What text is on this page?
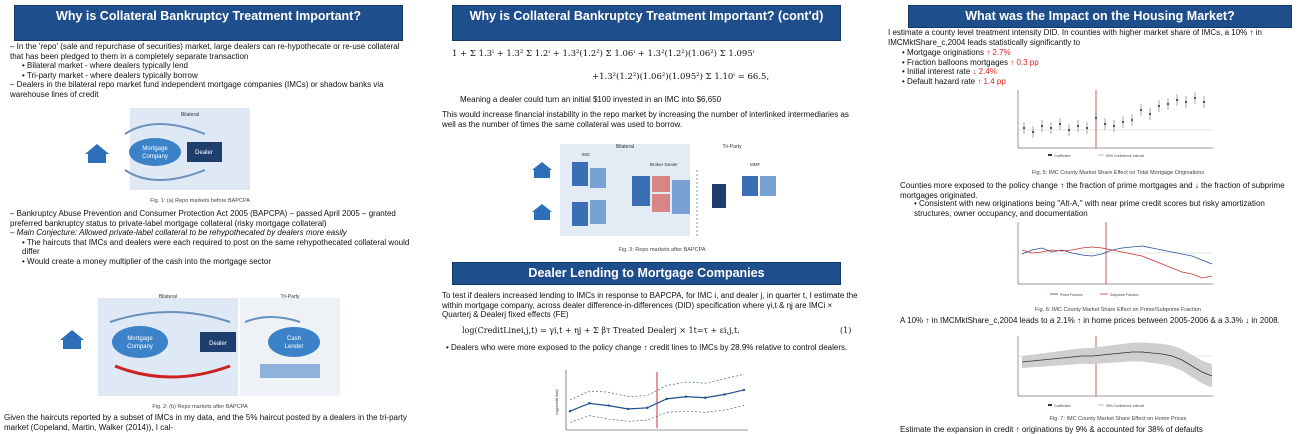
Why is Collateral Bankruptcy Treatment Important?
– In the 'repo' (sale and repurchase of securities) market, large dealers can re-hypothecate or re-use collateral that has been pledged to them in a completely separate transaction
• Bilateral market - where dealers typically lend
• Tri-party market - where dealers typically borrow
– Dealers in the bilateral repo market fund independent mortgage companies (IMCs) or shadow banks via warehouse lines of credit
Bilateral
Mortgage
Company
Dealer
Fig. 1: (a) Repo markets before BAPCPA
– Bankruptcy Abuse Prevention and Consumer Protection Act 2005 (BAPCPA) – passed April 2005 – granted preferred bankruptcy status to private-label mortgage collateral (risky mortgage collateral)
– Main Conjecture: Allowed private-label collateral to be rehypothecated by dealers more easily
• The haircuts that IMCs and dealers were each required to post on the same rehypothecated collateral would differ
• Would create a money multiplier of the cash into the mortgage sector
Bilateral	Tri-Party
Mortgage
Company	Dealer
Cash
Lender
Fig. 2: (b) Repo markets after BAPCPA
Given the haircuts reported by a subset of IMCs in my data, and the 5% haircut posted by a dealers in the tri-party market (Copeland, Martin, Walker (2014)), I cal-
Why is Collateral Bankruptcy Treatment Important? (cont'd)
1 + Σ 1.3ⁱ + 1.3² Σ 1.2ⁱ + 1.3²(1.2²) Σ 1.06ⁱ + 1.3²(1.2²)(1.06²) Σ 1.095ⁱ
+1.3²(1.2²)(1.06²)(1.095²) Σ 1.10ⁱ = 66.5,
Meaning a dealer could turn an initial $100 invested in an IMC into $6,650
This would increase financial instability in the repo market by increasing the number of interlinked intermediaries as well as the number of times the same collateral was used to borrow.
Bilateral	Tri-Party
IMC
Broker Dealer	MMF
Fig. 3: Repo markets after BAPCPA
Dealer Lending to Mortgage Companies
To test if dealers increased lending to IMCs in response to BAPCPA, for IMC i, and dealer j, in quarter t, I estimate the within mortgage company, across dealer difference-in-differences (DID) specification where γi,t & ηj are IMCi × Quarterj & Dealerj fixed effects (FE)
log(CreditLinei,j,t) = γi,t + ηj + Σ βτ Treated Dealerj × 1t=τ + εi,j,t.	(1)
• Dealers who were more exposed to the policy change ↑ credit lines to IMCs by 28.9% relative to control dealers.
log(credit line)
What was the Impact on the Housing Market?
I estimate a county level treatment intensity DID. In counties with higher market share of IMCs, a 10% ↑ in IMCMktShare_c,2004 leads statistically significantly to
• Mortgage originations ↑ 2.7%
• Fraction balloons mortgages ↑ 0.3 pp
• Initial interest rate ↓ 2.4%
• Default hazard rate ↑ 1.4 pp
Coefficient	95% Confidence Interval
Fig. 5: IMC County Market Share Effect on Total Mortgage Originations
Counties more exposed to the policy change ↑ the fraction of prime mortgages and ↓ the fraction of subprime mortgages originated.
• Consistent with new originations being "Alt-A," with near prime credit scores but risky amortization structures, owner occupancy, and documentation
Prime Fraction	Subprime Fraction
Fig. 6: IMC County Market Share Effect on Prime/Subprime Fraction
A 10% ↑ in IMCMktShare_c,2004 leads to a 2.1% ↑ in home prices between 2005-2006 & a 3.3% ↓ in 2008.
Coefficient	95% Confidence Interval
Fig. 7: IMC County Market Share Effect on Home Prices
Estimate the expansion in credit ↑ originations by 9% & accounted for 38% of defaults
